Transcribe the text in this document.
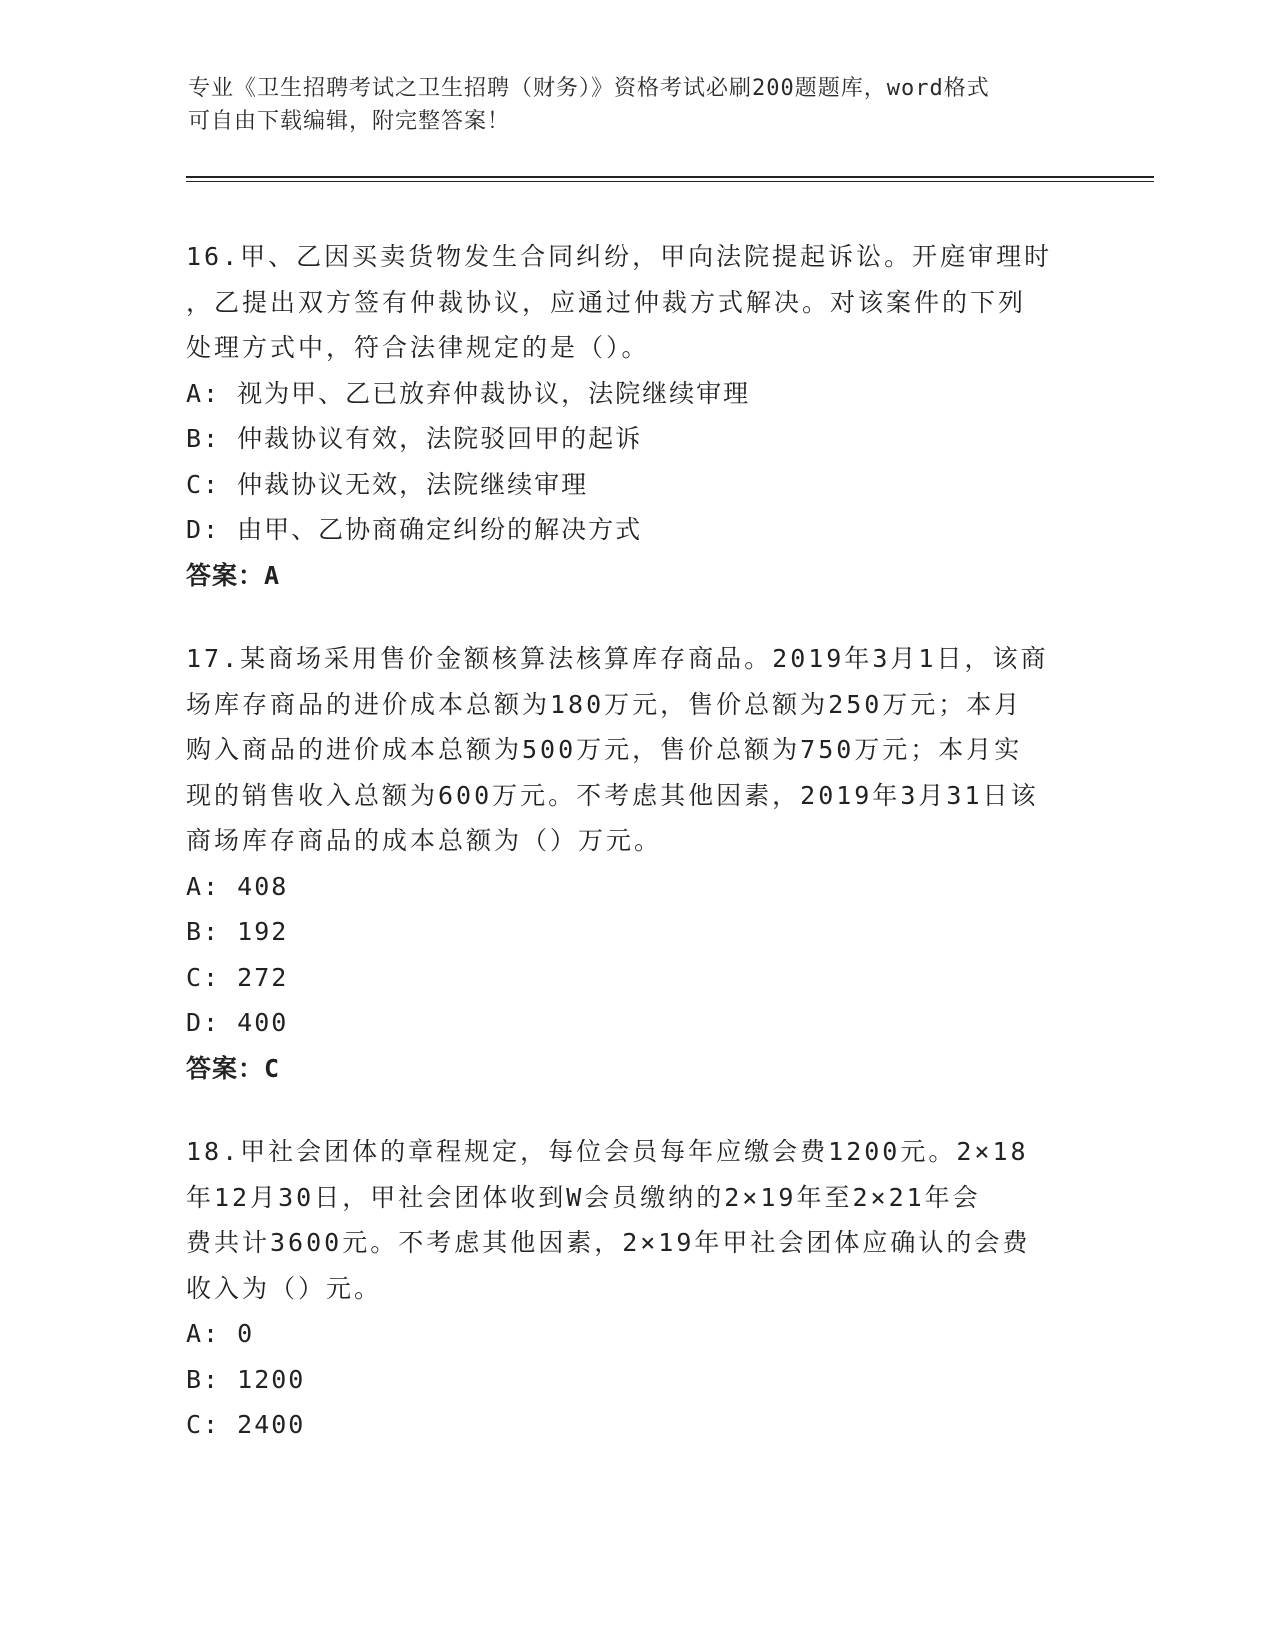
专业《卫生招聘考试之卫生招聘（财务）》资格考试必刷200题题库，word格式
可自由下载编辑，附完整答案！

16.甲、乙因买卖货物发生合同纠纷，甲向法院提起诉讼。开庭审理时

，乙提出双方签有仲裁协议，应通过仲裁方式解决。对该案件的下列

处理方式中，符合法律规定的是（）。

A: 视为甲、乙已放弃仲裁协议，法院继续审理

B: 仲裁协议有效，法院驳回甲的起诉

C: 仲裁协议无效，法院继续审理

D: 由甲、乙协商确定纠纷的解决方式

答案：A

17.某商场采用售价金额核算法核算库存商品。2019年3月1日，该商

场库存商品的进价成本总额为180万元，售价总额为250万元；本月

购入商品的进价成本总额为500万元，售价总额为750万元；本月实

现的销售收入总额为600万元。不考虑其他因素，2019年3月31日该

商场库存商品的成本总额为（）万元。

A: 408

B: 192

C: 272

D: 400

答案：C

18.甲社会团体的章程规定，每位会员每年应缴会费1200元。2×18

年12月30日，甲社会团体收到W会员缴纳的2×19年至2×21年会

费共计3600元。不考虑其他因素，2×19年甲社会团体应确认的会费

收入为（）元。

A: 0

B: 1200

C: 2400
